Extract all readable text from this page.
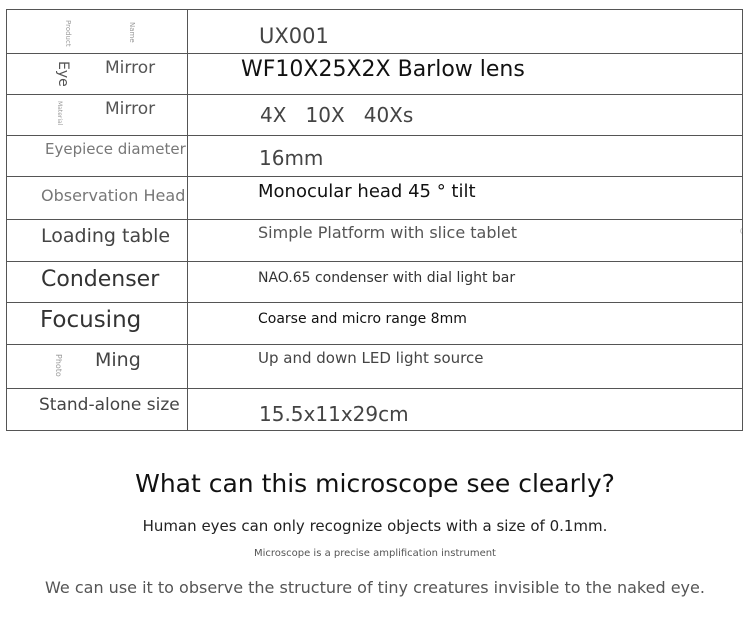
Product Name	UX001

Eye Mirror	WF10X25X2X Barlow lens

Material Mirror	4X   10X   40Xs

Eyepiece diameter	16mm

Observation Head	Monocular head 45 ° tilt

Loading table	Simple Platform with slice tablet

Condenser	NAO.65 condenser with dial light bar

Focusing	Coarse and micro range 8mm

Photo Ming	Up and down LED light source

Stand-alone size	15.5x11x29cm
What can this microscope see clearly?
Human eyes can only recognize objects with a size of 0.1mm.
Microscope is a precise amplification instrument
We can use it to observe the structure of tiny creatures invisible to the naked eye.
